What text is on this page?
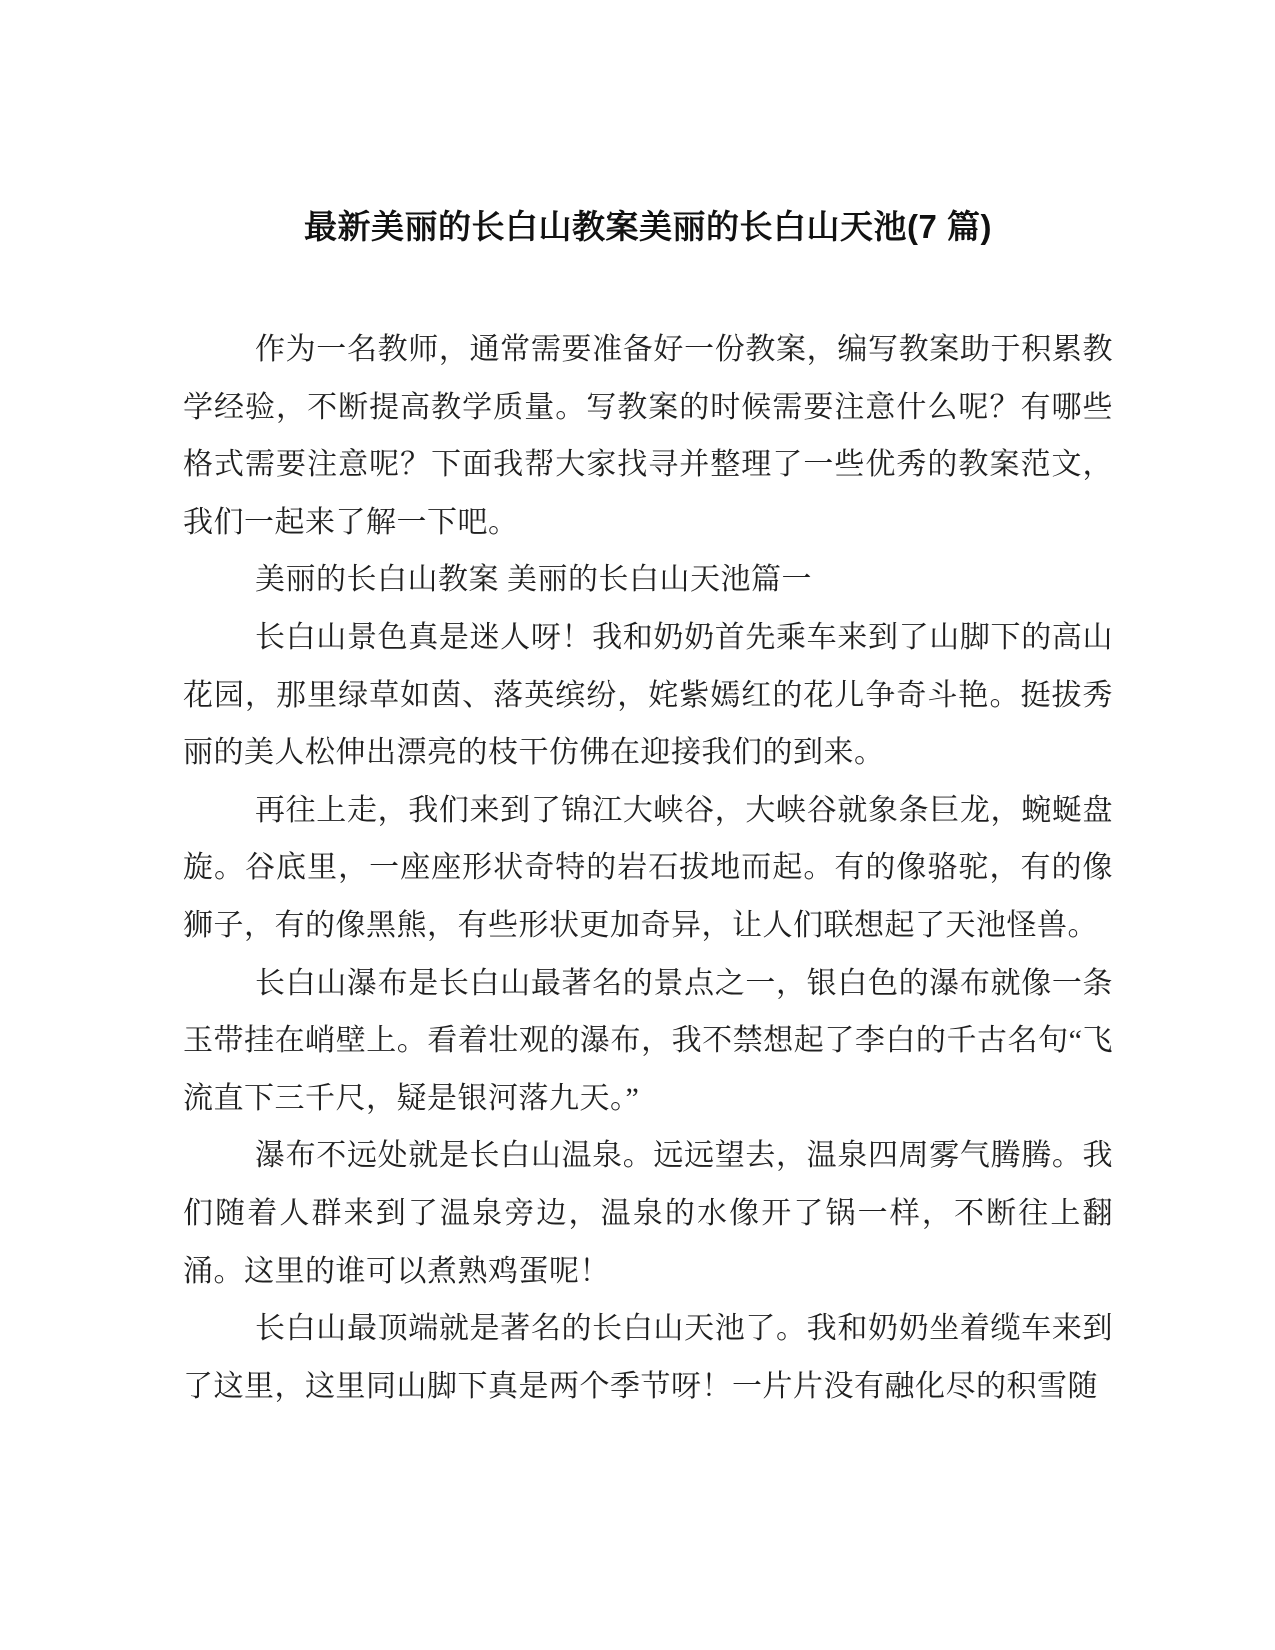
最新美丽的长白山教案美丽的长白山天池(7 篇)

作为一名教师，通常需要准备好一份教案，编写教案助于积累教学经验，不断提高教学质量。写教案的时候需要注意什么呢？有哪些格式需要注意呢？下面我帮大家找寻并整理了一些优秀的教案范文，我们一起来了解一下吧。

美丽的长白山教案 美丽的长白山天池篇一

长白山景色真是迷人呀！我和奶奶首先乘车来到了山脚下的高山花园，那里绿草如茵、落英缤纷，姹紫嫣红的花儿争奇斗艳。挺拔秀丽的美人松伸出漂亮的枝干仿佛在迎接我们的到来。

再往上走，我们来到了锦江大峡谷，大峡谷就象条巨龙，蜿蜒盘旋。谷底里，一座座形状奇特的岩石拔地而起。有的像骆驼，有的像狮子，有的像黑熊，有些形状更加奇异，让人们联想起了天池怪兽。

长白山瀑布是长白山最著名的景点之一，银白色的瀑布就像一条玉带挂在峭壁上。看着壮观的瀑布，我不禁想起了李白的千古名句“飞流直下三千尺，疑是银河落九天。”

瀑布不远处就是长白山温泉。远远望去，温泉四周雾气腾腾。我们随着人群来到了温泉旁边，温泉的水像开了锅一样，不断往上翻涌。这里的谁可以煮熟鸡蛋呢！

长白山最顶端就是著名的长白山天池了。我和奶奶坐着缆车来到了这里，这里同山脚下真是两个季节呀！一片片没有融化尽的积雪随
